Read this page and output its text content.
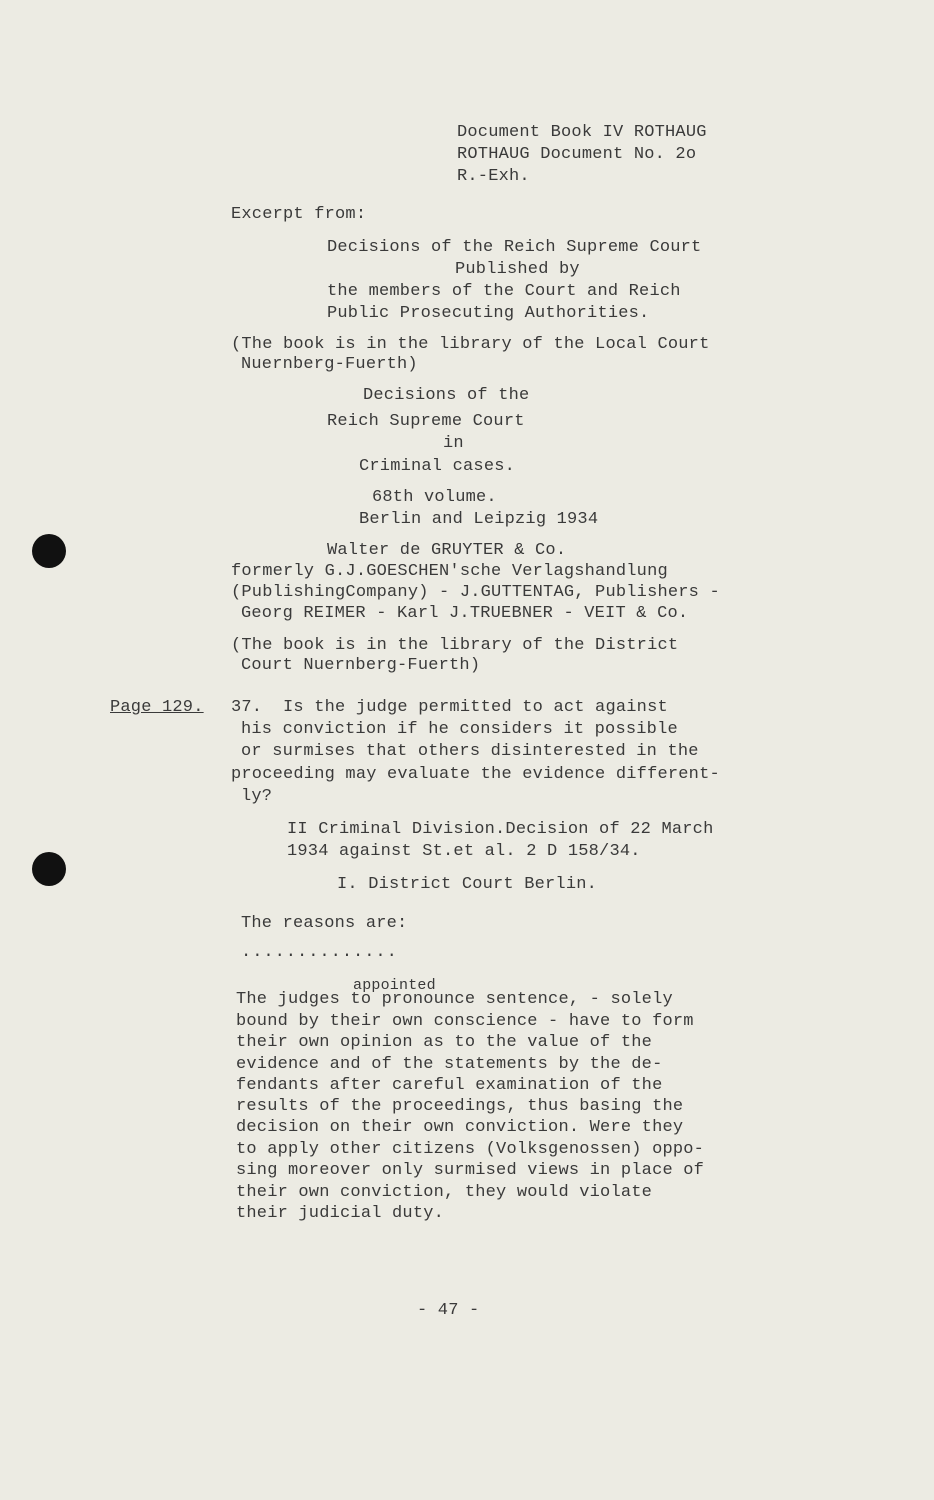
Document Book IV ROTHAUG
ROTHAUG Document No. 2o
R.-Exh.
Excerpt from:
Decisions of the Reich Supreme Court
Published by
the members of the Court and Reich
Public Prosecuting Authorities.
(The book is in the library of the Local Court
Nuernberg-Fuerth)
Decisions of the
Reich Supreme Court
in
Criminal cases.
68th volume.
Berlin and Leipzig 1934
Walter de GRUYTER & Co.
formerly G.J.GOESCHEN'sche Verlagshandlung
(PublishingCompany) - J.GUTTENTAG, Publishers -
Georg REIMER - Karl J.TRUEBNER - VEIT & Co.
(The book is in the library of the District
Court Nuernberg-Fuerth)
Page 129. 37.  Is the judge permitted to act against
his conviction if he considers it possible
or surmises that others disinterested in the
proceeding may evaluate the evidence different-
ly?
II Criminal Division.Decision of 22 March
1934 against St.et al. 2 D 158/34.
I. District Court Berlin.
The reasons are:
..............
appointed
The judges to pronounce sentence, - solely
bound by their own conscience - have to form
their own opinion as to the value of the
evidence and of the statements by the de-
fendants after careful examination of the
results of the proceedings, thus basing the
decision on their own conviction. Were they
to apply other citizens (Volksgenossen) oppo-
sing moreover only surmised views in place of
their own conviction, they would violate
their judicial duty.
- 47 -
